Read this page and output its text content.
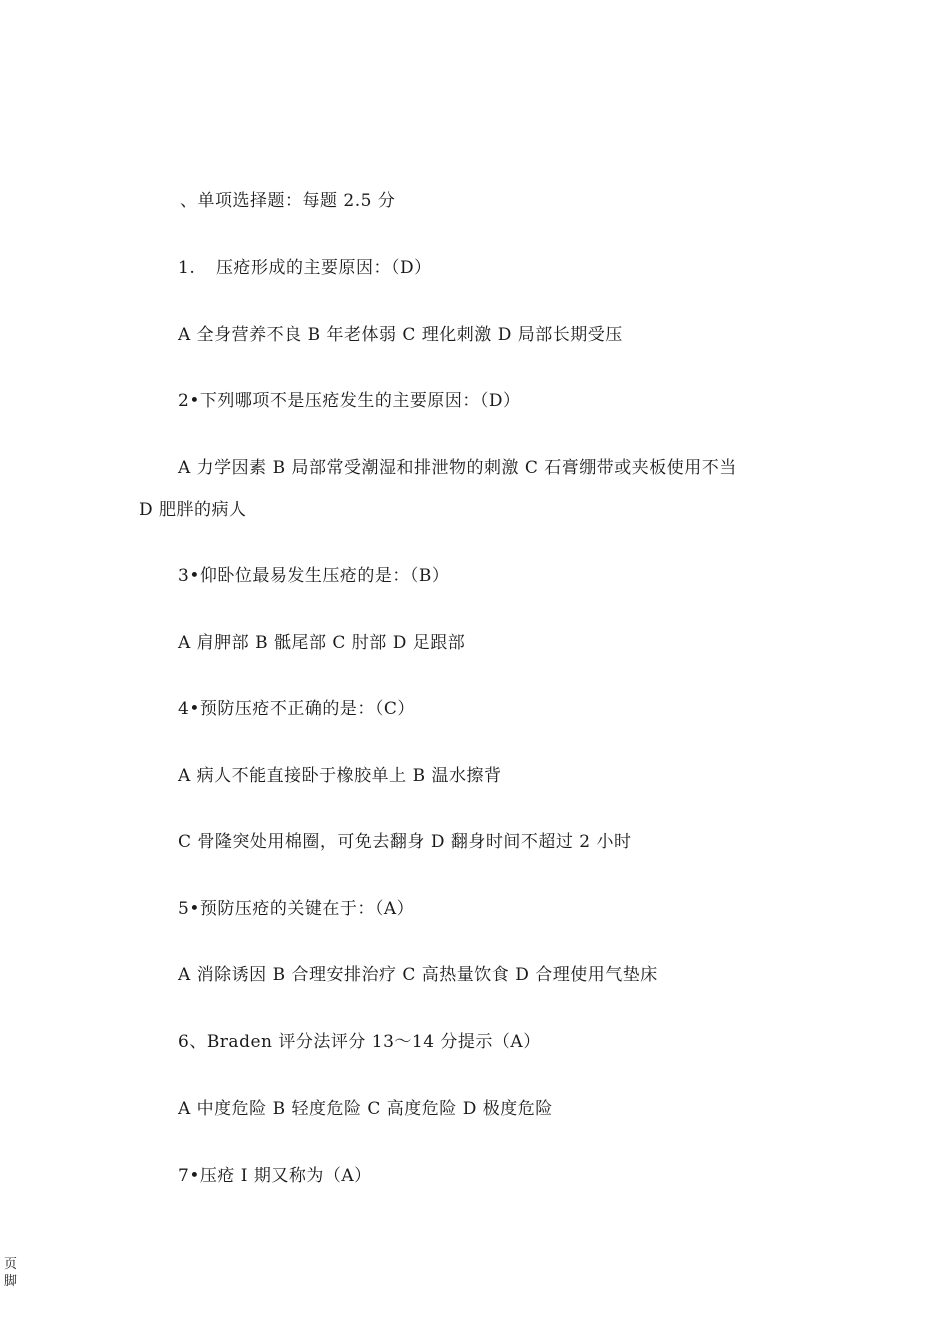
、单项选择题：每题 2.5 分
1. 压疮形成的主要原因：（D）
A 全身营养不良 B 年老体弱 C 理化刺激 D 局部长期受压
2•下列哪项不是压疮发生的主要原因：（D）
A 力学因素 B 局部常受潮湿和排泄物的刺激 C 石膏绷带或夹板使用不当
D 肥胖的病人
3•仰卧位最易发生压疮的是：（B）
A 肩胛部 B 骶尾部 C 肘部 D 足跟部
4•预防压疮不正确的是：（C）
A 病人不能直接卧于橡胶单上 B 温水擦背
C 骨隆突处用棉圈，可免去翻身 D 翻身时间不超过 2 小时
5•预防压疮的关键在于：（A）
A 消除诱因 B 合理安排治疗 C 高热量饮食 D 合理使用气垫床
6、Braden 评分法评分 13〜14 分提示（A）
A 中度危险 B 轻度危险 C 高度危险 D 极度危险
7•压疮 I 期又称为（A）
页脚
